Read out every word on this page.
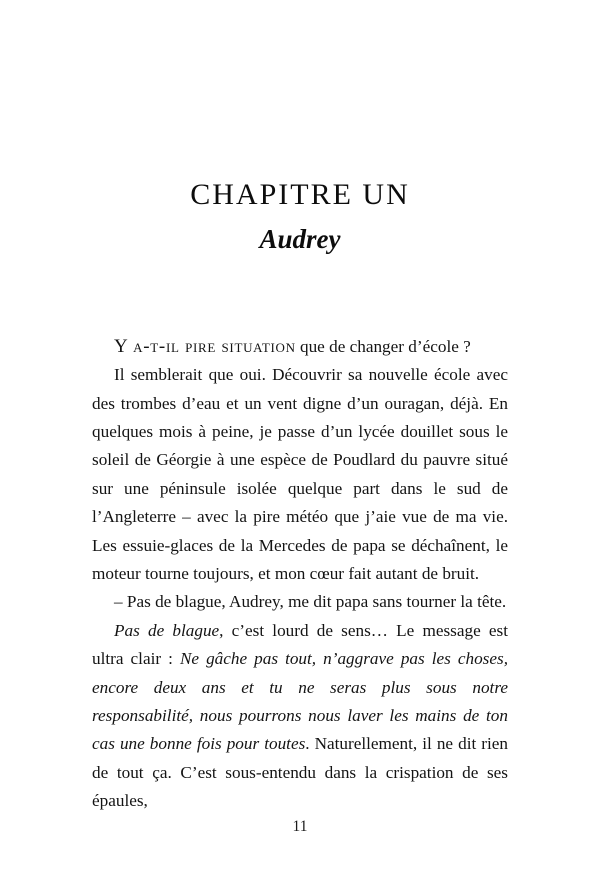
CHAPITRE UN
Audrey

Y a-t-il pire situation que de changer d’école ?

Il semblerait que oui. Découvrir sa nouvelle école avec des trombes d’eau et un vent digne d’un ouragan, déjà. En quelques mois à peine, je passe d’un lycée douillet sous le soleil de Géorgie à une espèce de Poudlard du pauvre situé sur une péninsule isolée quelque part dans le sud de l’Angleterre – avec la pire météo que j’aie vue de ma vie. Les essuie-glaces de la Mercedes de papa se déchaînent, le moteur tourne toujours, et mon cœur fait autant de bruit.

– Pas de blague, Audrey, me dit papa sans tourner la tête.

Pas de blague, c’est lourd de sens… Le message est ultra clair : Ne gâche pas tout, n’aggrave pas les choses, encore deux ans et tu ne seras plus sous notre responsabilité, nous pourrons nous laver les mains de ton cas une bonne fois pour toutes. Naturellement, il ne dit rien de tout ça. C’est sous-entendu dans la crispation de ses épaules,

11
